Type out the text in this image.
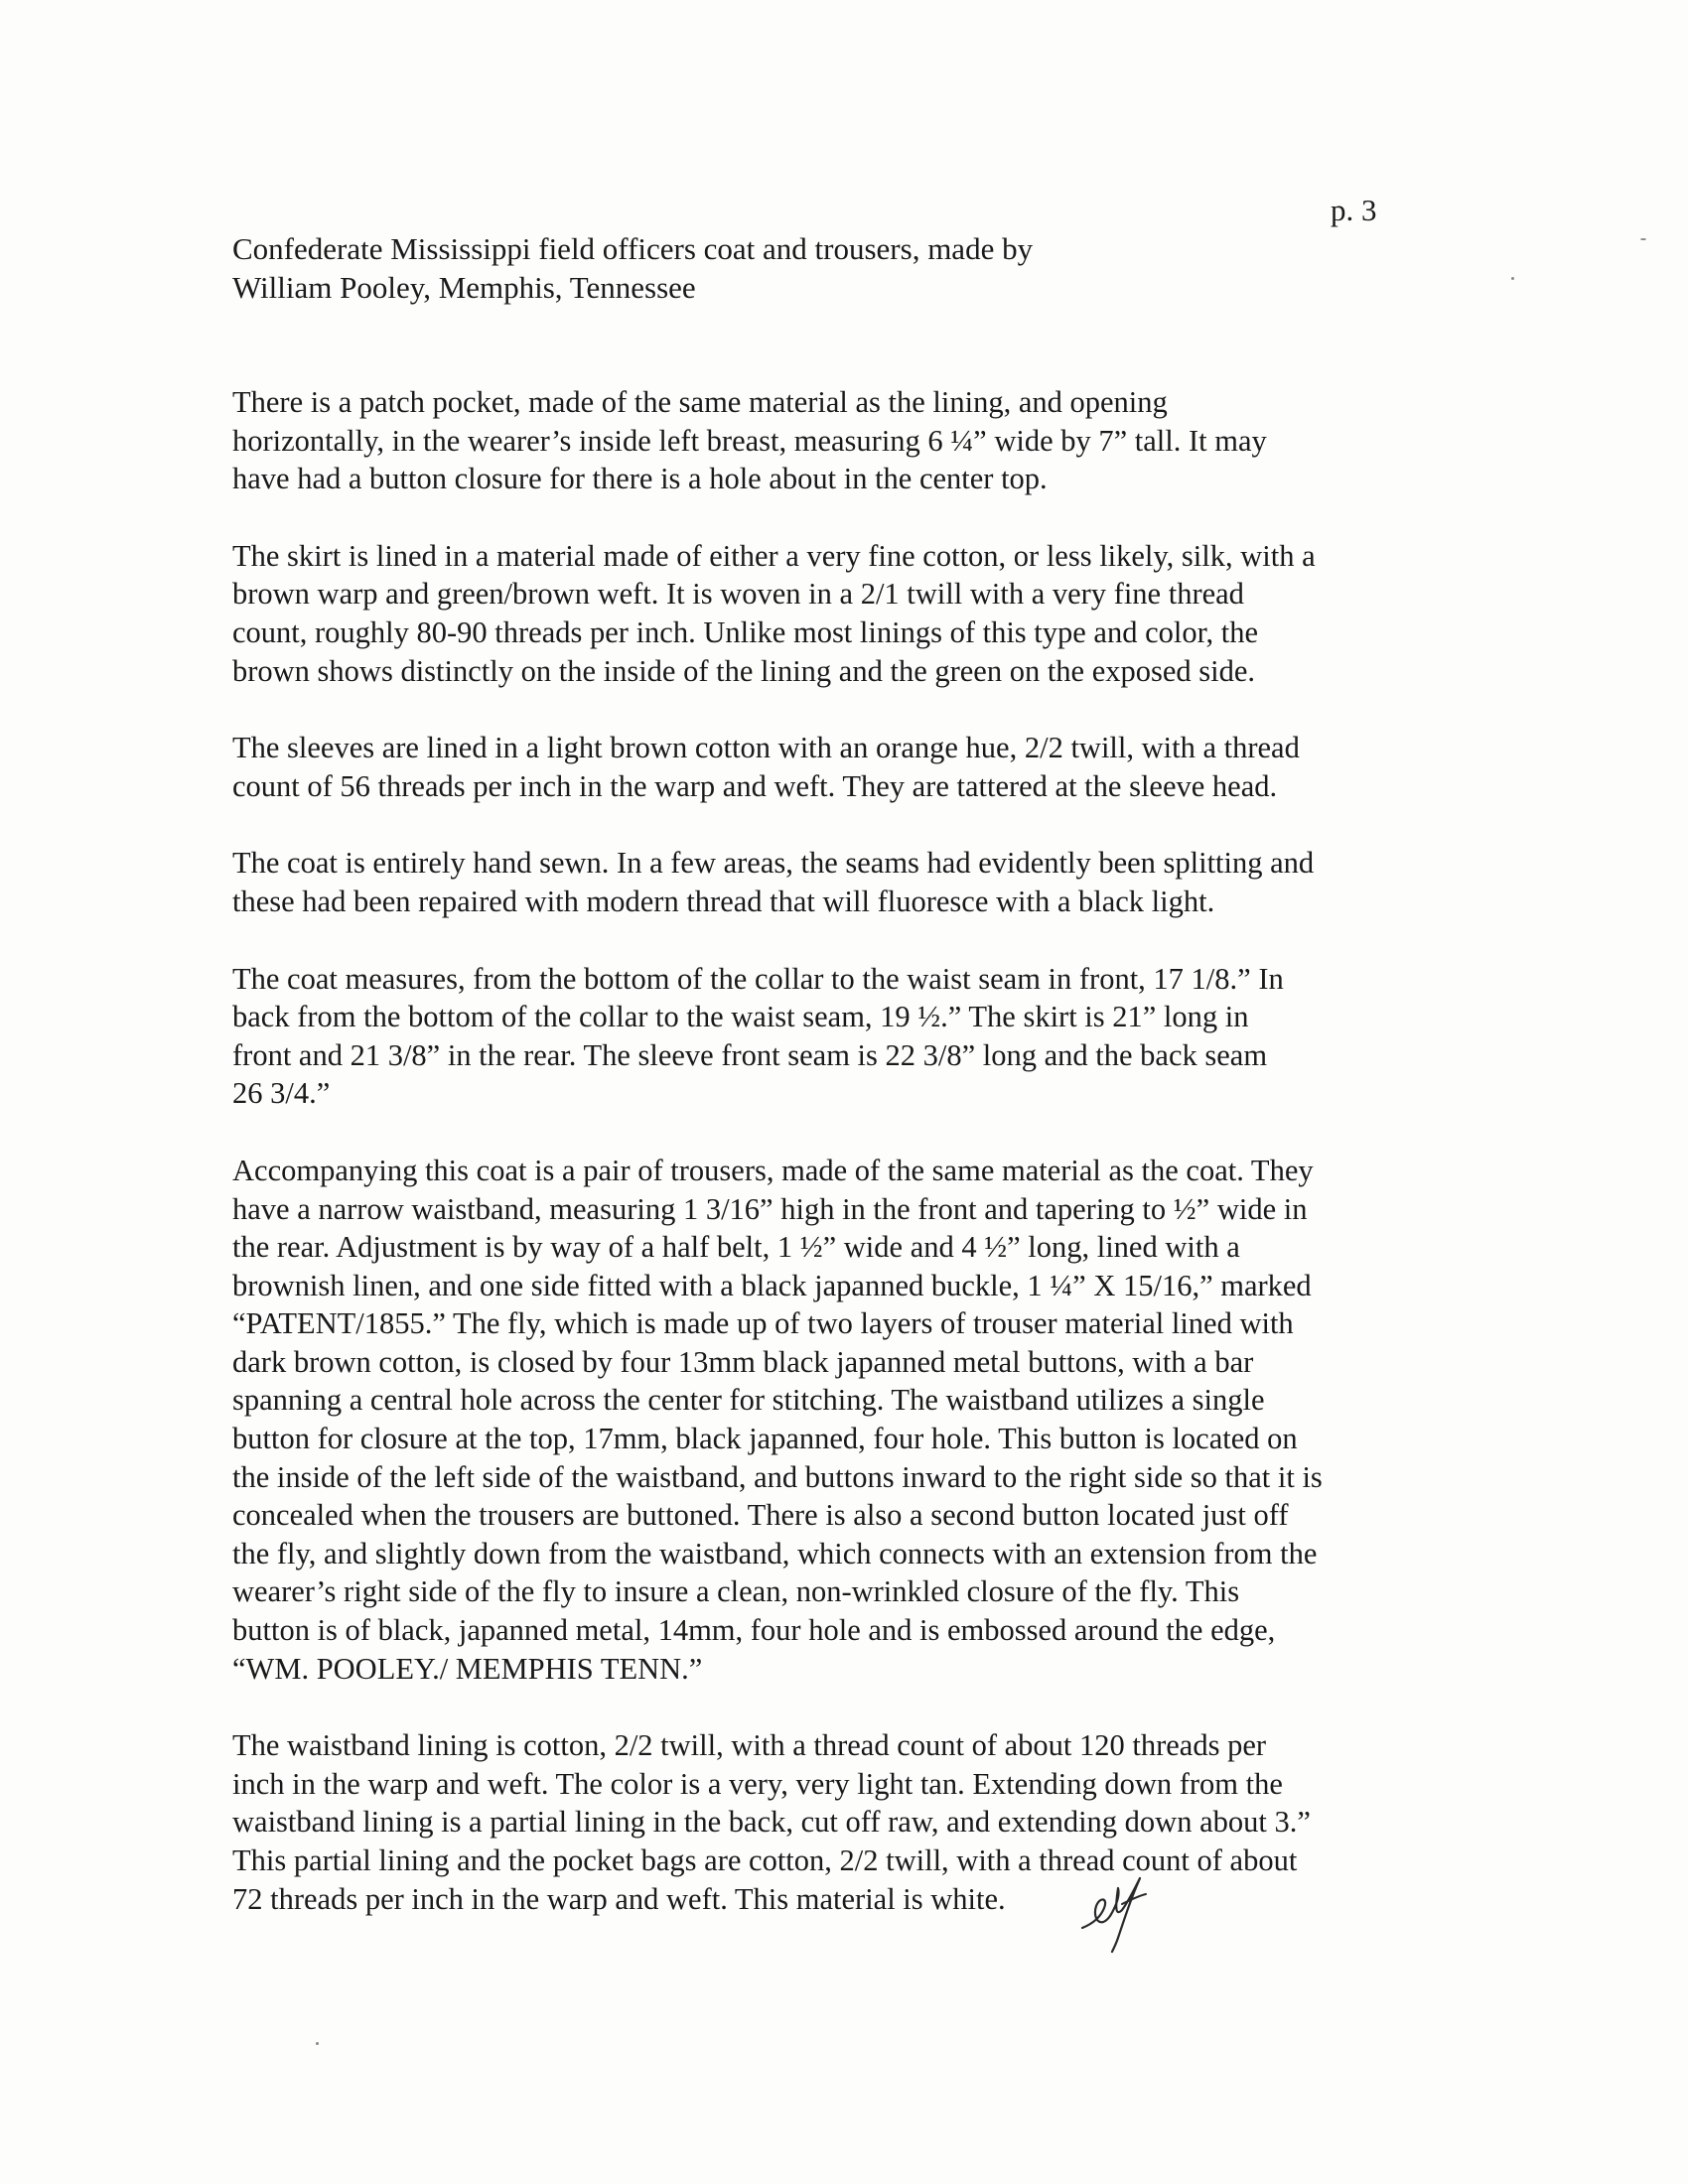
p. 3
Confederate Mississippi field officers coat and trousers, made by
William Pooley, Memphis, Tennessee
There is a patch pocket, made of the same material as the lining, and opening
horizontally, in the wearer’s inside left breast, measuring 6 ¼” wide by 7” tall. It may
have had a button closure for there is a hole about in the center top.
The skirt is lined in a material made of either a very fine cotton, or less likely, silk, with a
brown warp and green/brown weft. It is woven in a 2/1 twill with a very fine thread
count, roughly 80-90 threads per inch. Unlike most linings of this type and color, the
brown shows distinctly on the inside of the lining and the green on the exposed side.
The sleeves are lined in a light brown cotton with an orange hue, 2/2 twill, with a thread
count of 56 threads per inch in the warp and weft. They are tattered at the sleeve head.
The coat is entirely hand sewn. In a few areas, the seams had evidently been splitting and
these had been repaired with modern thread that will fluoresce with a black light.
The coat measures, from the bottom of the collar to the waist seam in front, 17 1/8.” In
back from the bottom of the collar to the waist seam, 19 ½.” The skirt is 21” long in
front and 21 3/8” in the rear. The sleeve front seam is 22 3/8” long and the back seam
26 3/4.”
Accompanying this coat is a pair of trousers, made of the same material as the coat. They
have a narrow waistband, measuring 1 3/16” high in the front and tapering to ½” wide in
the rear. Adjustment is by way of a half belt, 1 ½” wide and 4 ½” long, lined with a
brownish linen, and one side fitted with a black japanned buckle, 1 ¼” X 15/16,” marked
“PATENT/1855.” The fly, which is made up of two layers of trouser material lined with
dark brown cotton, is closed by four 13mm black japanned metal buttons, with a bar
spanning a central hole across the center for stitching. The waistband utilizes a single
button for closure at the top, 17mm, black japanned, four hole. This button is located on
the inside of the left side of the waistband, and buttons inward to the right side so that it is
concealed when the trousers are buttoned. There is also a second button located just off
the fly, and slightly down from the waistband, which connects with an extension from the
wearer’s right side of the fly to insure a clean, non-wrinkled closure of the fly. This
button is of black, japanned metal, 14mm, four hole and is embossed around the edge,
“WM. POOLEY./ MEMPHIS TENN.”
The waistband lining is cotton, 2/2 twill, with a thread count of about 120 threads per
inch in the warp and weft. The color is a very, very light tan. Extending down from the
waistband lining is a partial lining in the back, cut off raw, and extending down about 3.”
This partial lining and the pocket bags are cotton, 2/2 twill, with a thread count of about
72 threads per inch in the warp and weft. This material is white.
